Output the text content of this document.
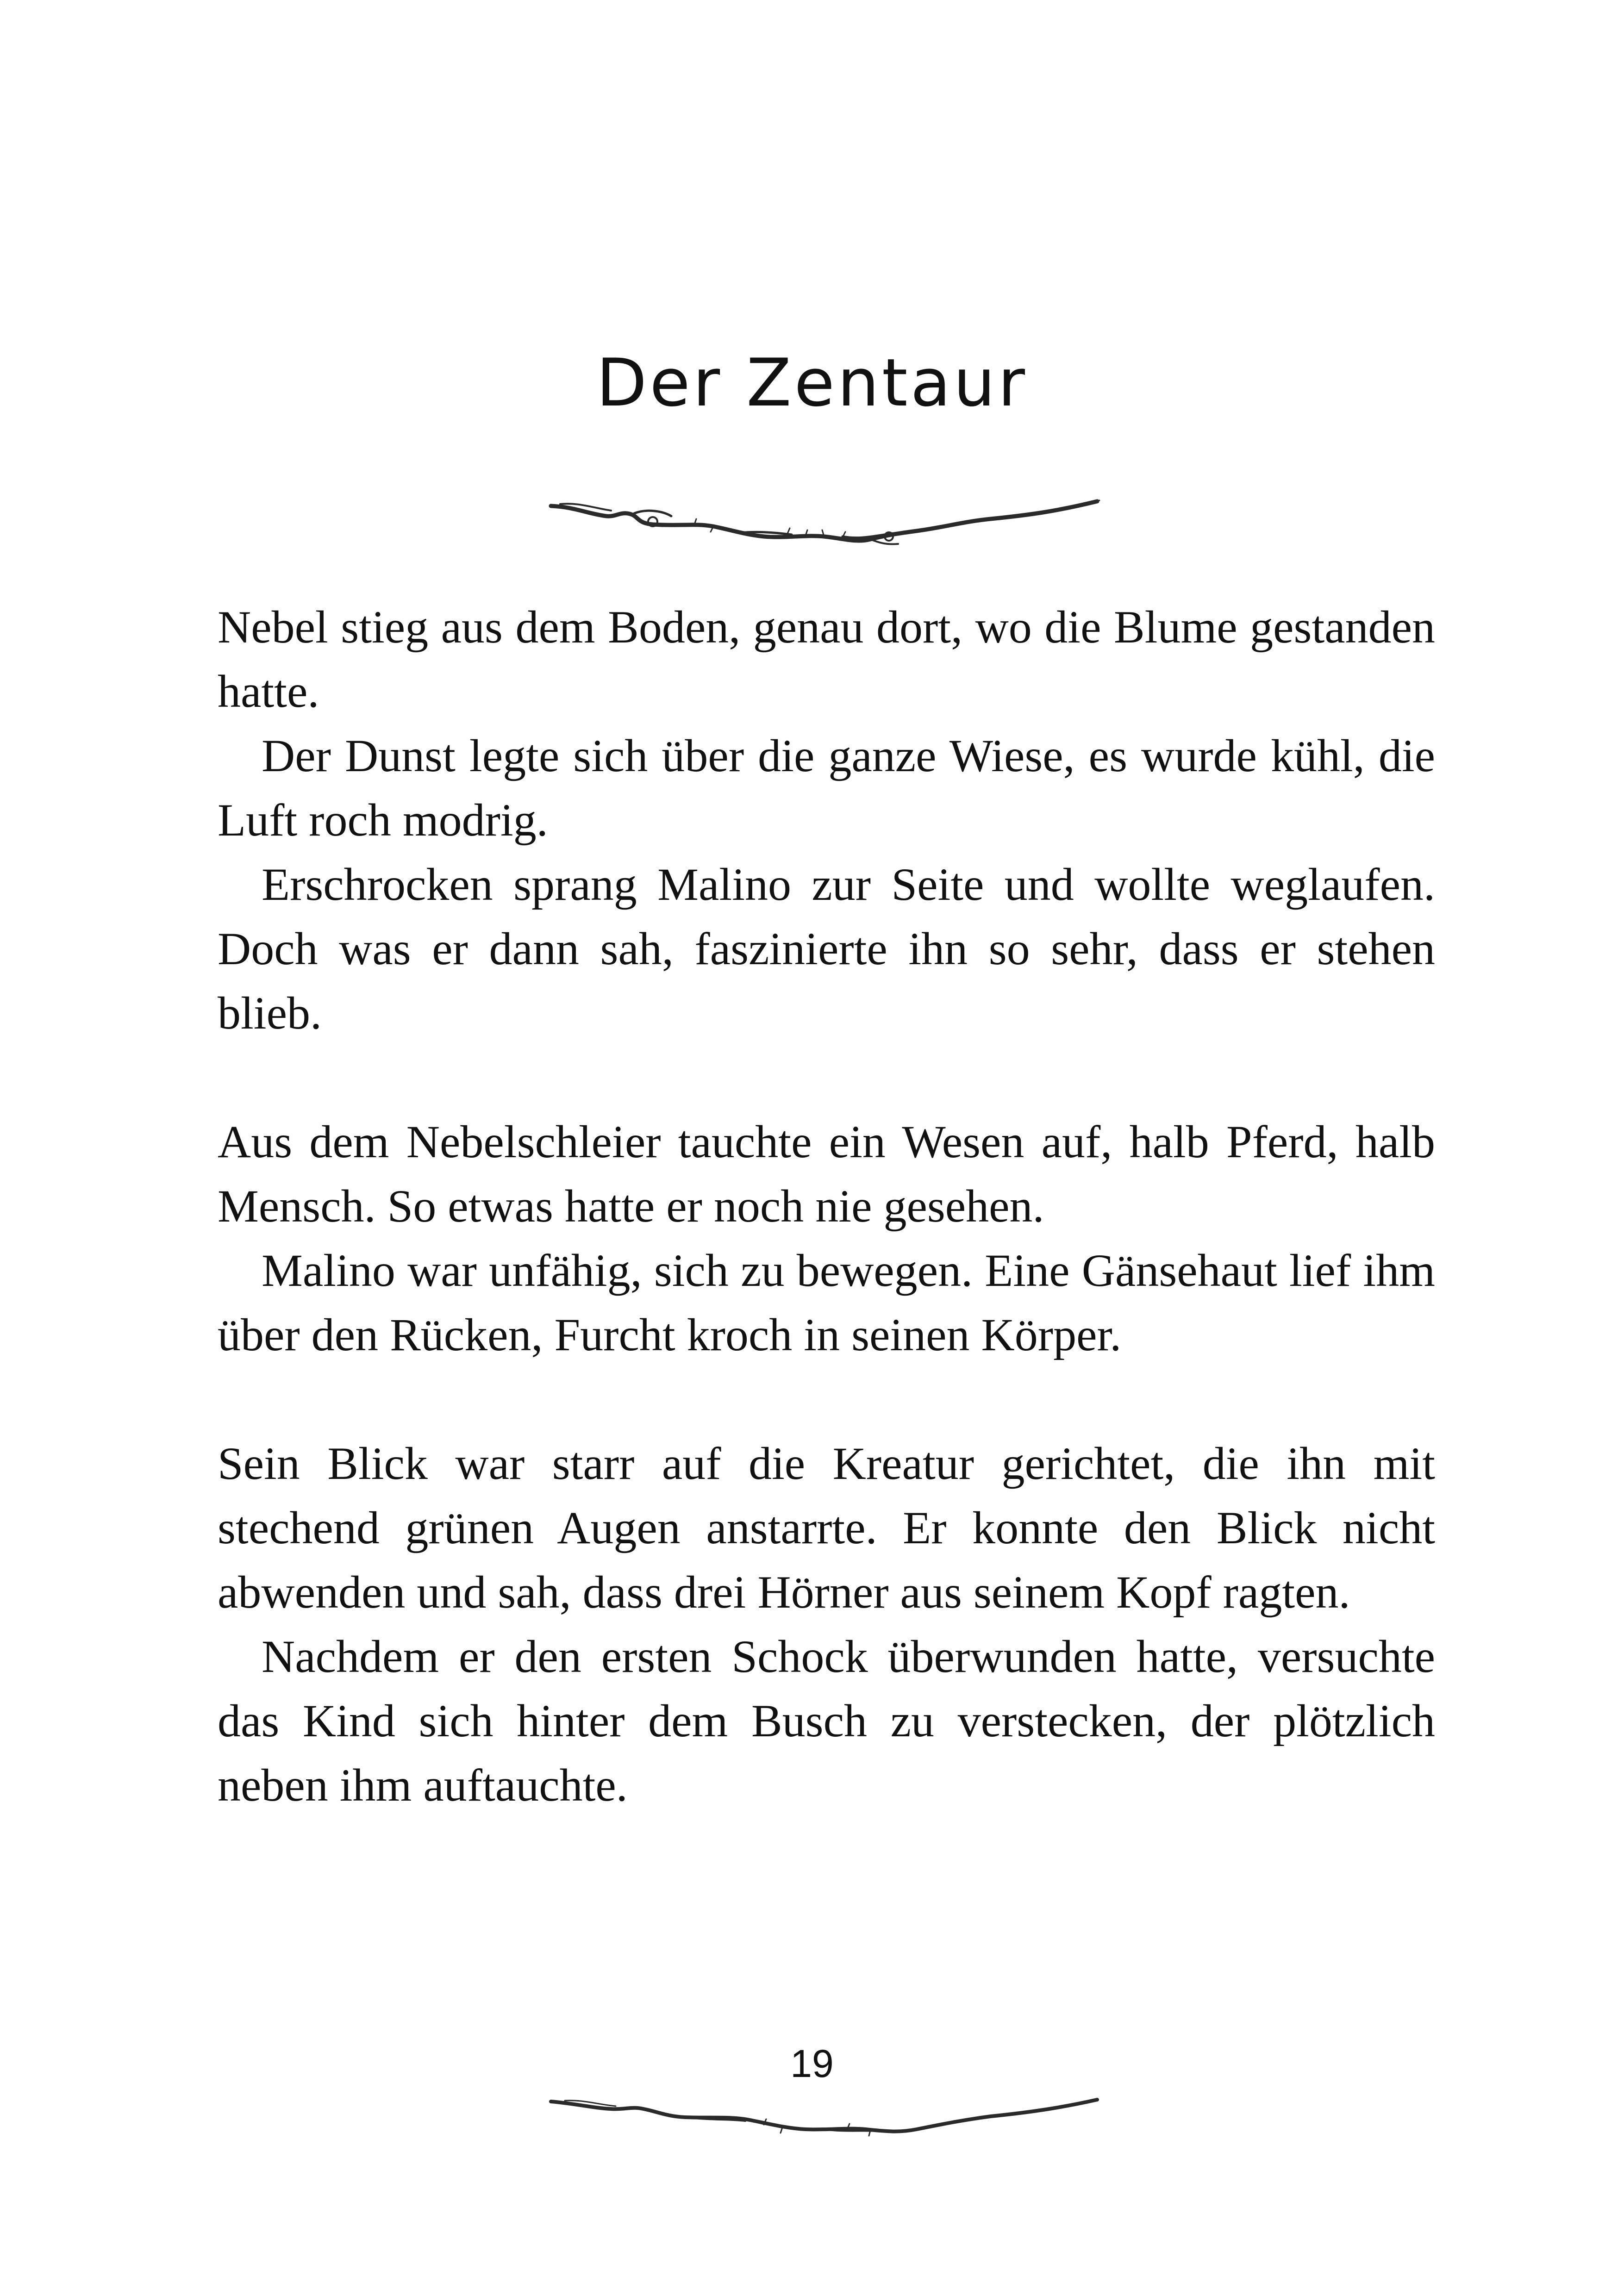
Der Zentaur

Nebel stieg aus dem Boden, genau dort, wo die Blume gestanden hatte.

Der Dunst legte sich über die ganze Wiese, es wurde kühl, die Luft roch modrig.

Erschrocken sprang Malino zur Seite und wollte weglaufen. Doch was er dann sah, faszinierte ihn so sehr, dass er stehen blieb.

Aus dem Nebelschleier tauchte ein Wesen auf, halb Pferd, halb Mensch. So etwas hatte er noch nie gesehen.

Malino war unfähig, sich zu bewegen. Eine Gänsehaut lief ihm über den Rücken, Furcht kroch in seinen Körper.

Sein Blick war starr auf die Kreatur gerichtet, die ihn mit stechend grünen Augen anstarrte. Er konnte den Blick nicht abwenden und sah, dass drei Hörner aus seinem Kopf ragten.

Nachdem er den ersten Schock überwunden hatte, versuchte das Kind sich hinter dem Busch zu verstecken, der plötzlich neben ihm auftauchte.

19
